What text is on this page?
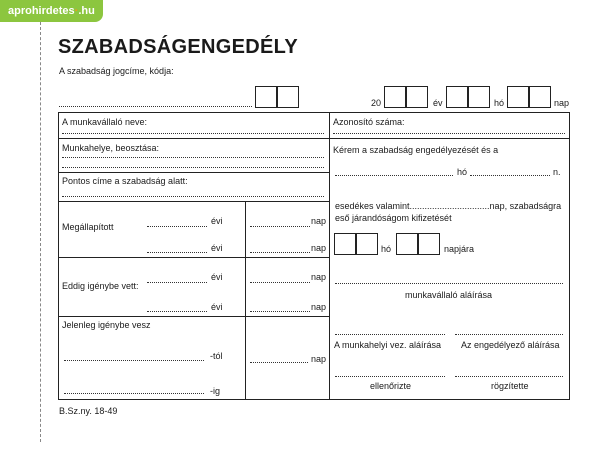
aprohirdetes·.hu
SZABADSÁGENGEDÉLY
A szabadság jogcíme, kódja:
20	év	hó	nap
A munkavállaló neve:	Azonosító száma:
Munkahelye, beosztása:
Pontos címe a szabadság alatt:
Kérem a szabadság engedélyezését és a
hó	n.
esedékes valamint................................nap, szabadságra
eső járandóságom kifizetését
hó	napjára
munkavállaló aláírása
A munkahelyi vez. aláírása Az engedélyező aláírása
ellenőrizte	rögzítette
Megállapított
évi	nap
évi	nap
Eddig igénybe vett:
évi	nap
évi	nap
Jelenleg igénybe vesz
-tól
-ig
nap
B.Sz.ny. 18-49
